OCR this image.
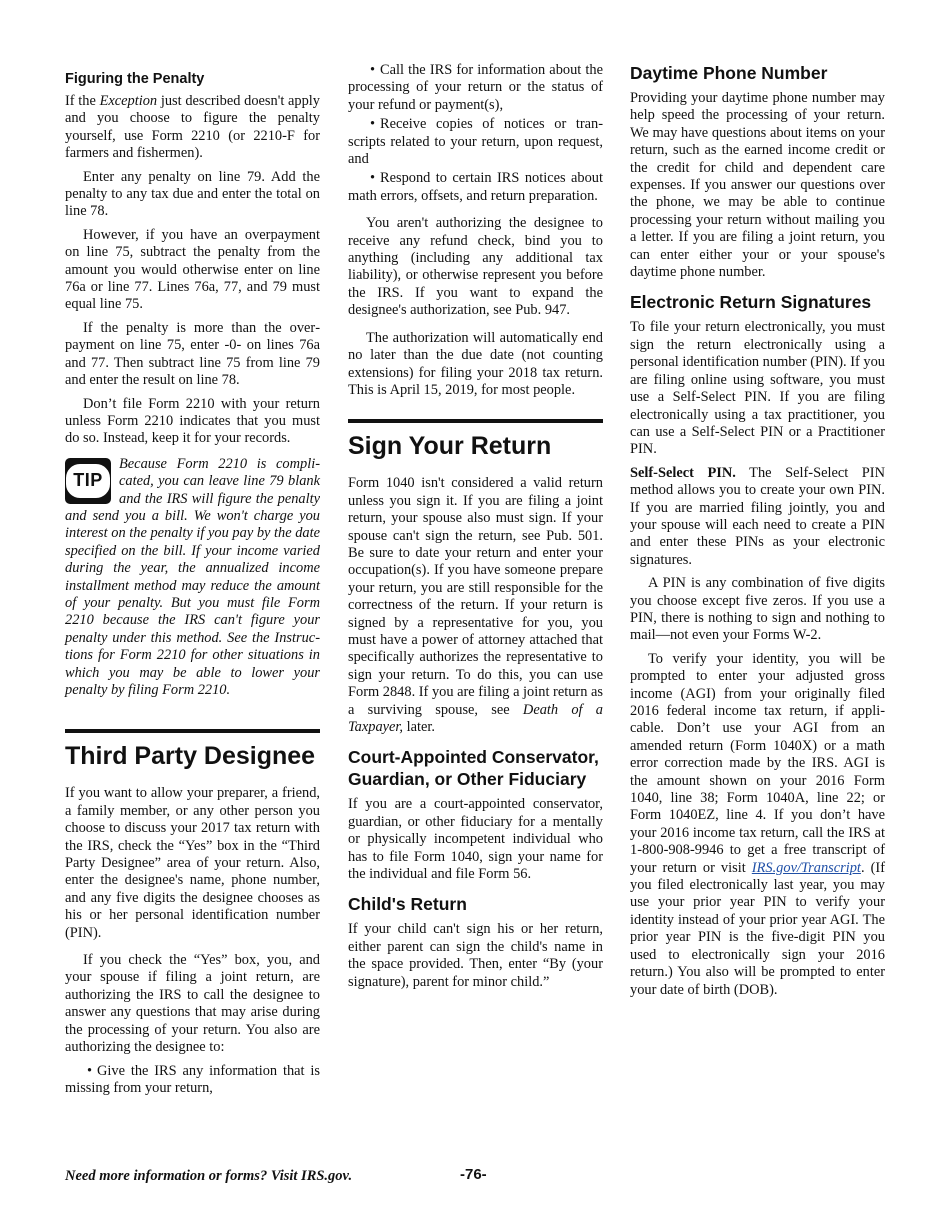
Figuring the Penalty

If the Exception just described doesn't apply and you choose to figure the penalty yourself, use Form 2210 (or 2210-F for farmers and fishermen).

Enter any penalty on line 79. Add the penalty to any tax due and enter the total on line 78.

However, if you have an overpayment on line 75, subtract the penalty from the amount you would otherwise enter on line 76a or line 77. Lines 76a, 77, and 79 must equal line 75.

If the penalty is more than the overpayment on line 75, enter -0- on lines 76a and 77. Then subtract line 75 from line 79 and enter the result on line 78.

Don’t file Form 2210 with your return unless Form 2210 indicates that you must do so. Instead, keep it for your records.

TIP

Because Form 2210 is complicated, you can leave line 79 blank and the IRS will figure the penalty and send you a bill. We won't charge you interest on the penalty if you pay by the date specified on the bill. If your income varied during the year, the annualized income installment method may reduce the amount of your penalty. But you must file Form 2210 because the IRS can't figure your penalty under this method. See the Instructions for Form 2210 for other situations in which you may be able to lower your penalty by filing Form 2210.

Third Party Designee

If you want to allow your preparer, a friend, a family member, or any other person you choose to discuss your 2017 tax return with the IRS, check the “Yes” box in the “Third Party Designee” area of your return. Also, enter the designee's name, phone number, and any five digits the designee chooses as his or her personal identification number (PIN).

If you check the “Yes” box, you, and your spouse if filing a joint return, are authorizing the IRS to call the designee to answer any questions that may arise during the processing of your return. You also are authorizing the designee to:

• Give the IRS any information that is missing from your return,

• Call the IRS for information about the processing of your return or the status of your refund or payment(s),

• Receive copies of notices or transcripts related to your return, upon request, and

• Respond to certain IRS notices about math errors, offsets, and return preparation.

You aren't authorizing the designee to receive any refund check, bind you to anything (including any additional tax liability), or otherwise represent you before the IRS. If you want to expand the designee's authorization, see Pub. 947.

The authorization will automatically end no later than the due date (not counting extensions) for filing your 2018 tax return. This is April 15, 2019, for most people.

Sign Your Return

Form 1040 isn't considered a valid return unless you sign it. If you are filing a joint return, your spouse also must sign. If your spouse can't sign the return, see Pub. 501. Be sure to date your return and enter your occupation(s). If you have someone prepare your return, you are still responsible for the correctness of the return. If your return is signed by a representative for you, you must have a power of attorney attached that specifically authorizes the representative to sign your return. To do this, you can use Form 2848. If you are filing a joint return as a surviving spouse, see Death of a Taxpayer, later.

Court-Appointed Conservator, Guardian, or Other Fiduciary

If you are a court-appointed conservator, guardian, or other fiduciary for a mentally or physically incompetent individual who has to file Form 1040, sign your name for the individual and file Form 56.

Child's Return

If your child can't sign his or her return, either parent can sign the child's name in the space provided. Then, enter “By (your signature), parent for minor child.”

Daytime Phone Number

Providing your daytime phone number may help speed the processing of your return. We may have questions about items on your return, such as the earned income credit or the credit for child and dependent care expenses. If you answer our questions over the phone, we may be able to continue processing your return without mailing you a letter. If you are filing a joint return, you can enter either your or your spouse's daytime phone number.

Electronic Return Signatures

To file your return electronically, you must sign the return electronically using a personal identification number (PIN). If you are filing online using software, you must use a Self-Select PIN. If you are filing electronically using a tax practitioner, you can use a Self-Select PIN or a Practitioner PIN.

Self-Select PIN. The Self-Select PIN method allows you to create your own PIN. If you are married filing jointly, you and your spouse will each need to create a PIN and enter these PINs as your electronic signatures.

A PIN is any combination of five digits you choose except five zeros. If you use a PIN, there is nothing to sign and nothing to mail—not even your Forms W-2.

To verify your identity, you will be prompted to enter your adjusted gross income (AGI) from your originally filed 2016 federal income tax return, if applicable. Don’t use your AGI from an amended return (Form 1040X) or a math error correction made by the IRS. AGI is the amount shown on your 2016 Form 1040, line 38; Form 1040A, line 22; or Form 1040EZ, line 4. If you don’t have your 2016 income tax return, call the IRS at 1-800-908-9946 to get a free transcript of your return or visit IRS.gov/Transcript. (If you filed electronically last year, you may use your prior year PIN to verify your identity instead of your prior year AGI. The prior year PIN is the five-digit PIN you used to electronically sign your 2016 return.) You also will be prompted to enter your date of birth (DOB).

Need more information or forms? Visit IRS.gov.	-76-
